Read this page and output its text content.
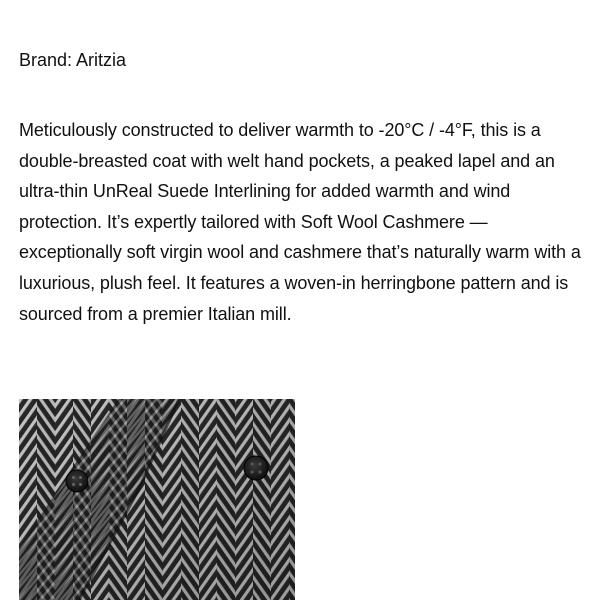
Brand: Aritzia

Meticulously constructed to deliver warmth to -20°C / -4°F, this is a double-breasted coat with welt hand pockets, a peaked lapel and an ultra-thin UnReal Suede Interlining for added warmth and wind protection. It’s expertly tailored with Soft Wool Cashmere — exceptionally soft virgin wool and cashmere that’s naturally warm with a luxurious, plush feel. It features a woven-in herringbone pattern and is sourced from a premier Italian mill.
